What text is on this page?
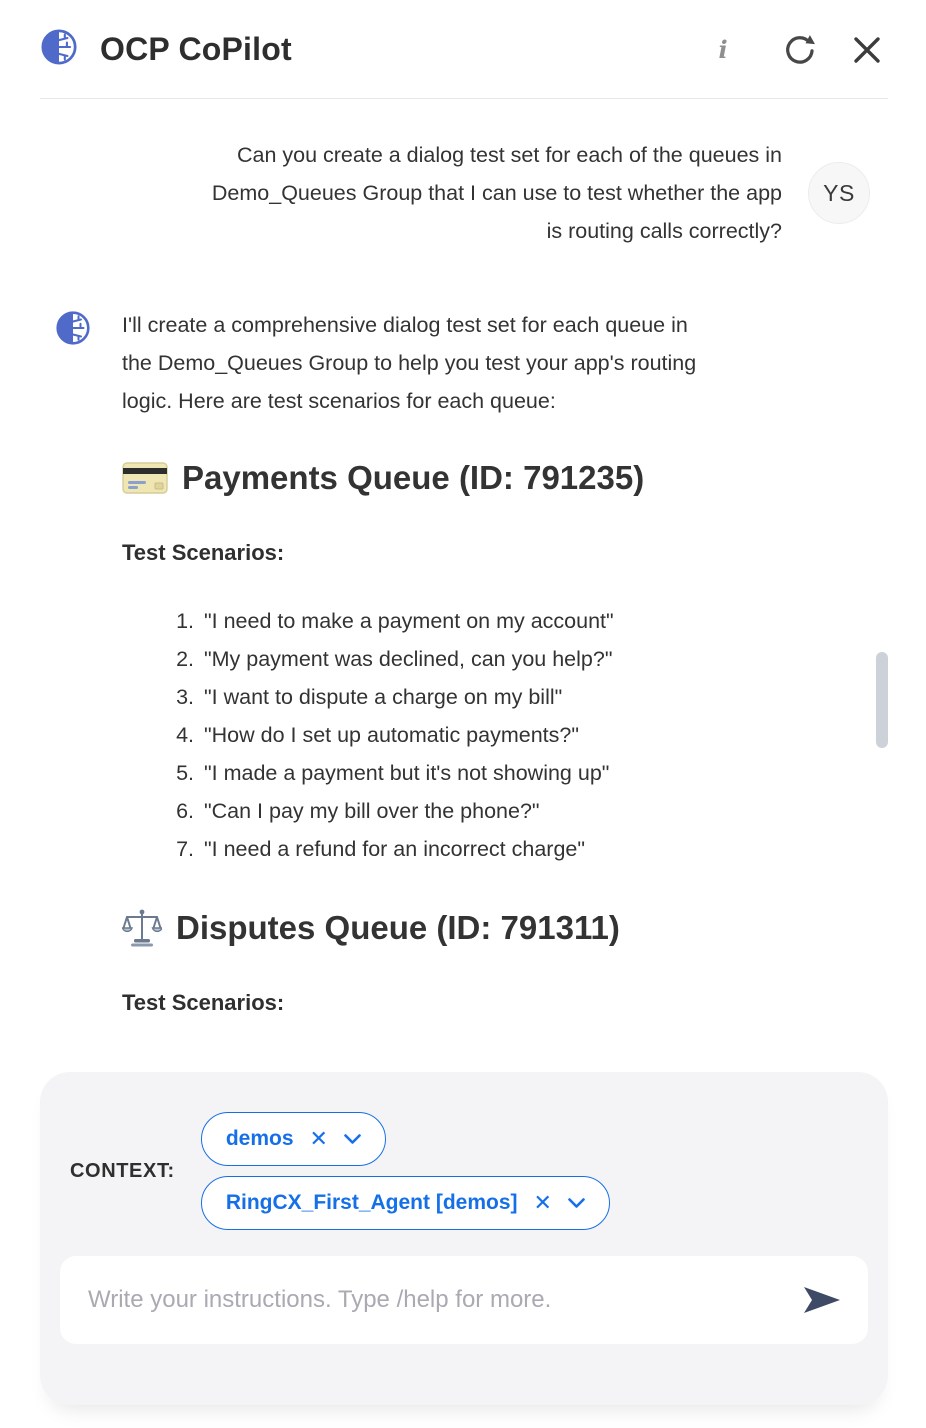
OCP CoPilot	i
Can you create a dialog test set for each of the queues in Demo_Queues Group that I can use to test whether the app is routing calls correctly?
YS

I'll create a comprehensive dialog test set for each queue in the Demo_Queues Group to help you test your app's routing logic. Here are test scenarios for each queue:

Payments Queue (ID: 791235)

Test Scenarios:

1. "I need to make a payment on my account"
2. "My payment was declined, can you help?"
3. "I want to dispute a charge on my bill"
4. "How do I set up automatic payments?"
5. "I made a payment but it's not showing up"
6. "Can I pay my bill over the phone?"
7. "I need a refund for an incorrect charge"
Disputes Queue (ID: 791311)

Test Scenarios:

CONTEXT:
demos ✕
RingCX_First_Agent [demos] ✕
Write your instructions. Type /help for more.
